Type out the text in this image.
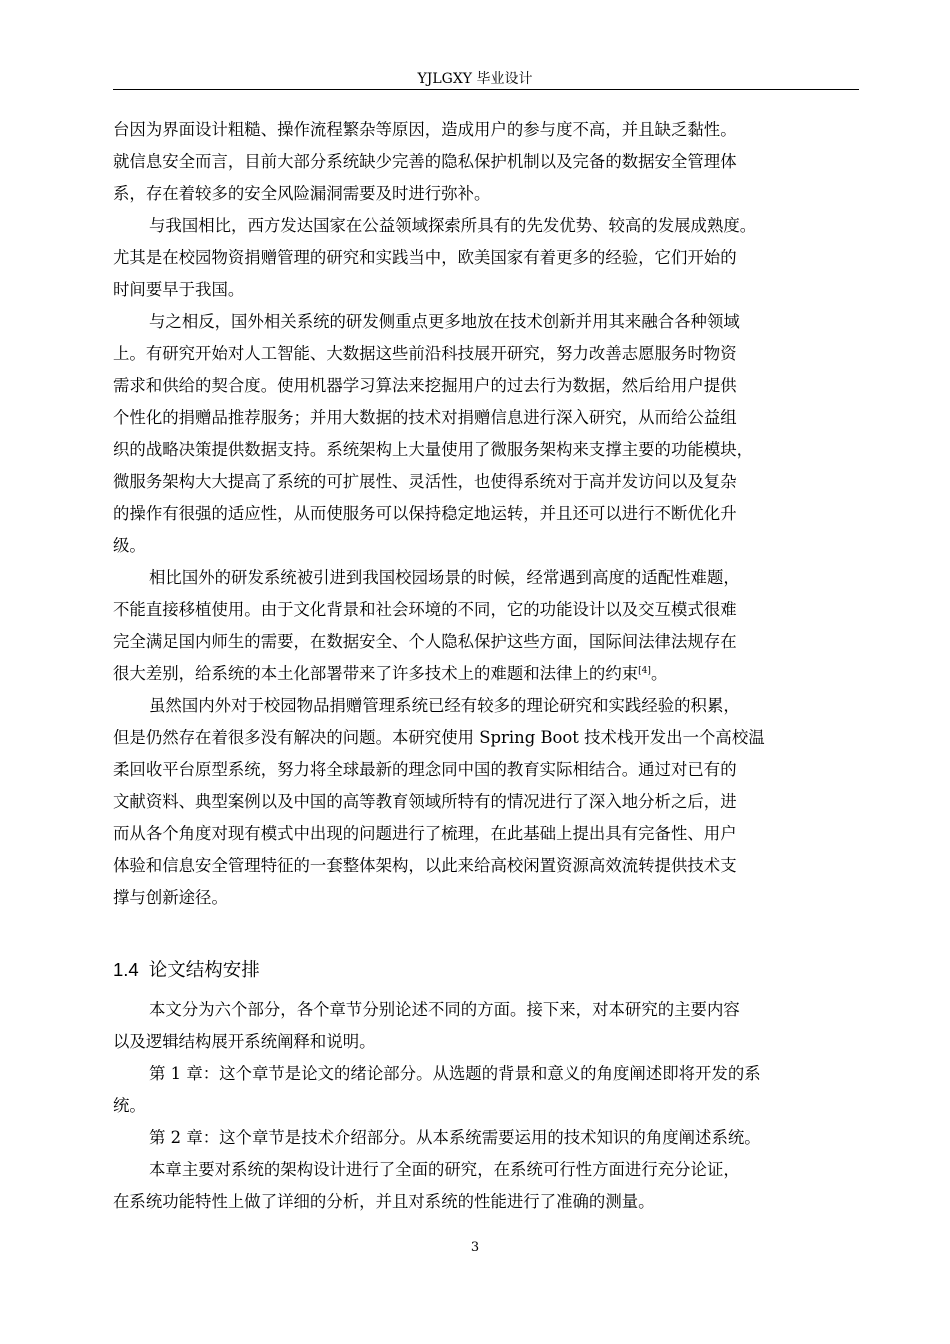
YJLGXY 毕业设计
台因为界面设计粗糙、操作流程繁杂等原因，造成用户的参与度不高，并且缺乏黏性。
就信息安全而言，目前大部分系统缺少完善的隐私保护机制以及完备的数据安全管理体
系，存在着较多的安全风险漏洞需要及时进行弥补。
与我国相比，西方发达国家在公益领域探索所具有的先发优势、较高的发展成熟度。
尤其是在校园物资捐赠管理的研究和实践当中，欧美国家有着更多的经验，它们开始的
时间要早于我国。
与之相反，国外相关系统的研发侧重点更多地放在技术创新并用其来融合各种领域
上。有研究开始对人工智能、大数据这些前沿科技展开研究，努力改善志愿服务时物资
需求和供给的契合度。使用机器学习算法来挖掘用户的过去行为数据，然后给用户提供
个性化的捐赠品推荐服务；并用大数据的技术对捐赠信息进行深入研究，从而给公益组
织的战略决策提供数据支持。系统架构上大量使用了微服务架构来支撑主要的功能模块，
微服务架构大大提高了系统的可扩展性、灵活性，也使得系统对于高并发访问以及复杂
的操作有很强的适应性，从而使服务可以保持稳定地运转，并且还可以进行不断优化升
级。
相比国外的研发系统被引进到我国校园场景的时候，经常遇到高度的适配性难题，
不能直接移植使用。由于文化背景和社会环境的不同，它的功能设计以及交互模式很难
完全满足国内师生的需要，在数据安全、个人隐私保护这些方面，国际间法律法规存在
很大差别，给系统的本土化部署带来了许多技术上的难题和法律上的约束[4]。
虽然国内外对于校园物品捐赠管理系统已经有较多的理论研究和实践经验的积累，
但是仍然存在着很多没有解决的问题。本研究使用 Spring Boot 技术栈开发出一个高校温
柔回收平台原型系统，努力将全球最新的理念同中国的教育实际相结合。通过对已有的
文献资料、典型案例以及中国的高等教育领域所特有的情况进行了深入地分析之后，进
而从各个角度对现有模式中出现的问题进行了梳理，在此基础上提出具有完备性、用户
体验和信息安全管理特征的一套整体架构，以此来给高校闲置资源高效流转提供技术支
撑与创新途径。
1.4 论文结构安排
本文分为六个部分，各个章节分别论述不同的方面。接下来，对本研究的主要内容
以及逻辑结构展开系统阐释和说明。
第 1 章：这个章节是论文的绪论部分。从选题的背景和意义的角度阐述即将开发的系
统。
第 2 章：这个章节是技术介绍部分。从本系统需要运用的技术知识的角度阐述系统。
本章主要对系统的架构设计进行了全面的研究，在系统可行性方面进行充分论证，
在系统功能特性上做了详细的分析，并且对系统的性能进行了准确的测量。
3
